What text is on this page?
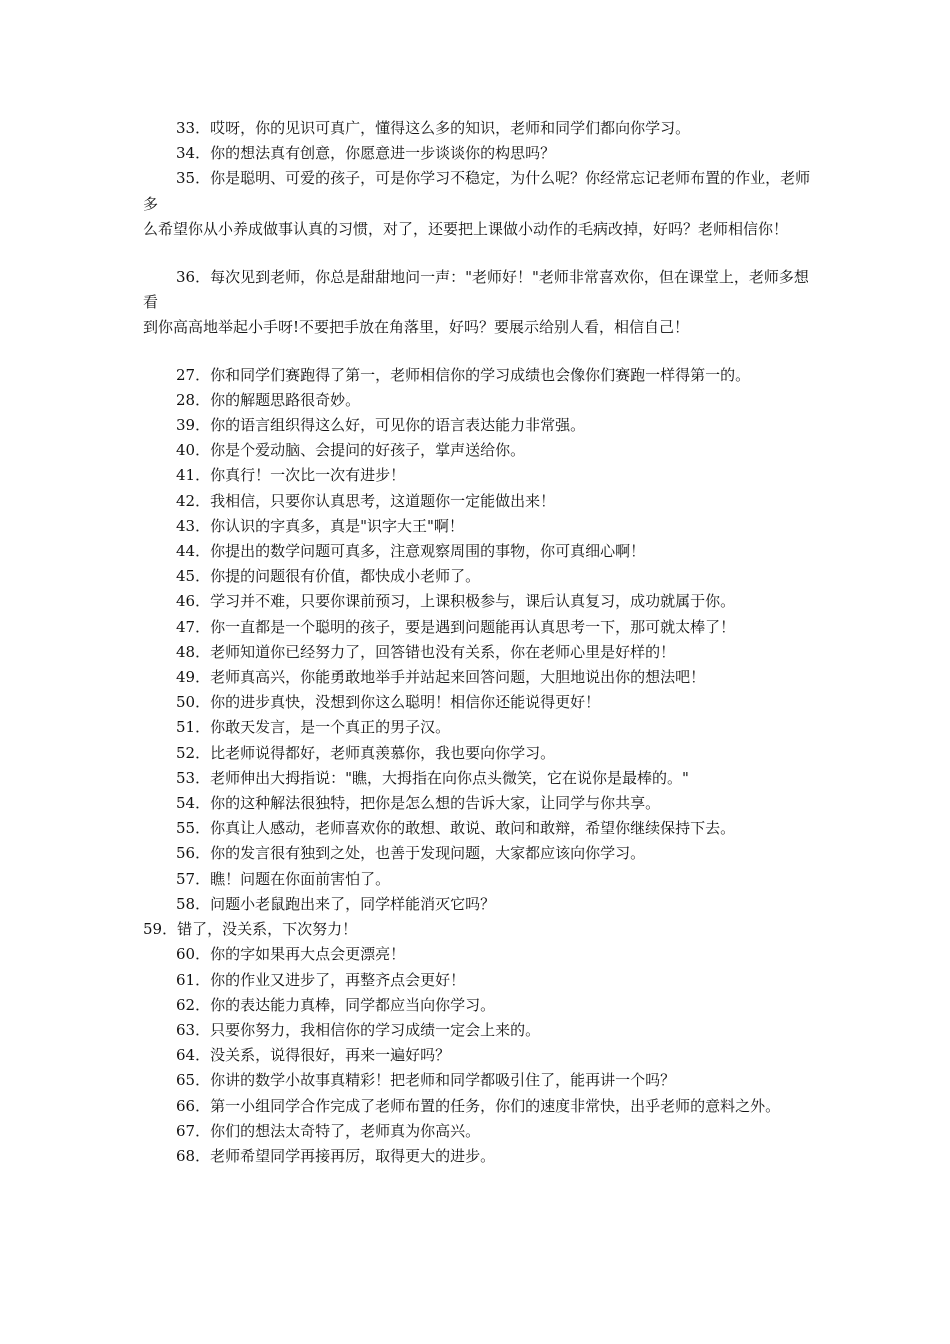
33．哎呀，你的见识可真广，懂得这么多的知识，老师和同学们都向你学习。

34．你的想法真有创意，你愿意进一步谈谈你的构思吗？

35．你是聪明、可爱的孩子，可是你学习不稳定，为什么呢？你经常忘记老师布置的作业，老师多

么希望你从小养成做事认真的习惯，对了，还要把上课做小动作的毛病改掉，好吗？老师相信你！

36．每次见到老师，你总是甜甜地问一声："老师好！"老师非常喜欢你，但在课堂上，老师多想看

到你高高地举起小手呀!不要把手放在角落里，好吗？要展示给别人看，相信自己！

27．你和同学们赛跑得了第一，老师相信你的学习成绩也会像你们赛跑一样得第一的。

28．你的解题思路很奇妙。

39．你的语言组织得这么好，可见你的语言表达能力非常强。

40．你是个爱动脑、会提问的好孩子，掌声送给你。

41．你真行！一次比一次有进步！

42．我相信，只要你认真思考，这道题你一定能做出来！

43．你认识的字真多，真是"识字大王"啊！

44．你提出的数学问题可真多，注意观察周围的事物，你可真细心啊！

45．你提的问题很有价值，都快成小老师了。

46．学习并不难，只要你课前预习，上课积极参与，课后认真复习，成功就属于你。

47．你一直都是一个聪明的孩子，要是遇到问题能再认真思考一下，那可就太棒了！

48．老师知道你已经努力了，回答错也没有关系，你在老师心里是好样的！

49．老师真高兴，你能勇敢地举手并站起来回答问题，大胆地说出你的想法吧！

50．你的进步真快，没想到你这么聪明！相信你还能说得更好！

51．你敢天发言，是一个真正的男子汉。

52．比老师说得都好，老师真羡慕你，我也要向你学习。

53．老师伸出大拇指说："瞧，大拇指在向你点头微笑，它在说你是最棒的。"

54．你的这种解法很独特，把你是怎么想的告诉大家，让同学与你共享。

55．你真让人感动，老师喜欢你的敢想、敢说、敢问和敢辩，希望你继续保持下去。

56．你的发言很有独到之处，也善于发现问题，大家都应该向你学习。

57．瞧！问题在你面前害怕了。

58．问题小老鼠跑出来了，同学样能消灭它吗？

59．错了，没关系，下次努力！

60．你的字如果再大点会更漂亮！

61．你的作业又进步了，再整齐点会更好！

62．你的表达能力真棒，同学都应当向你学习。

63．只要你努力，我相信你的学习成绩一定会上来的。

64．没关系，说得很好，再来一遍好吗？

65．你讲的数学小故事真精彩！把老师和同学都吸引住了，能再讲一个吗？

66．第一小组同学合作完成了老师布置的任务，你们的速度非常快，出乎老师的意料之外。

67．你们的想法太奇特了，老师真为你高兴。

68．老师希望同学再接再厉，取得更大的进步。
